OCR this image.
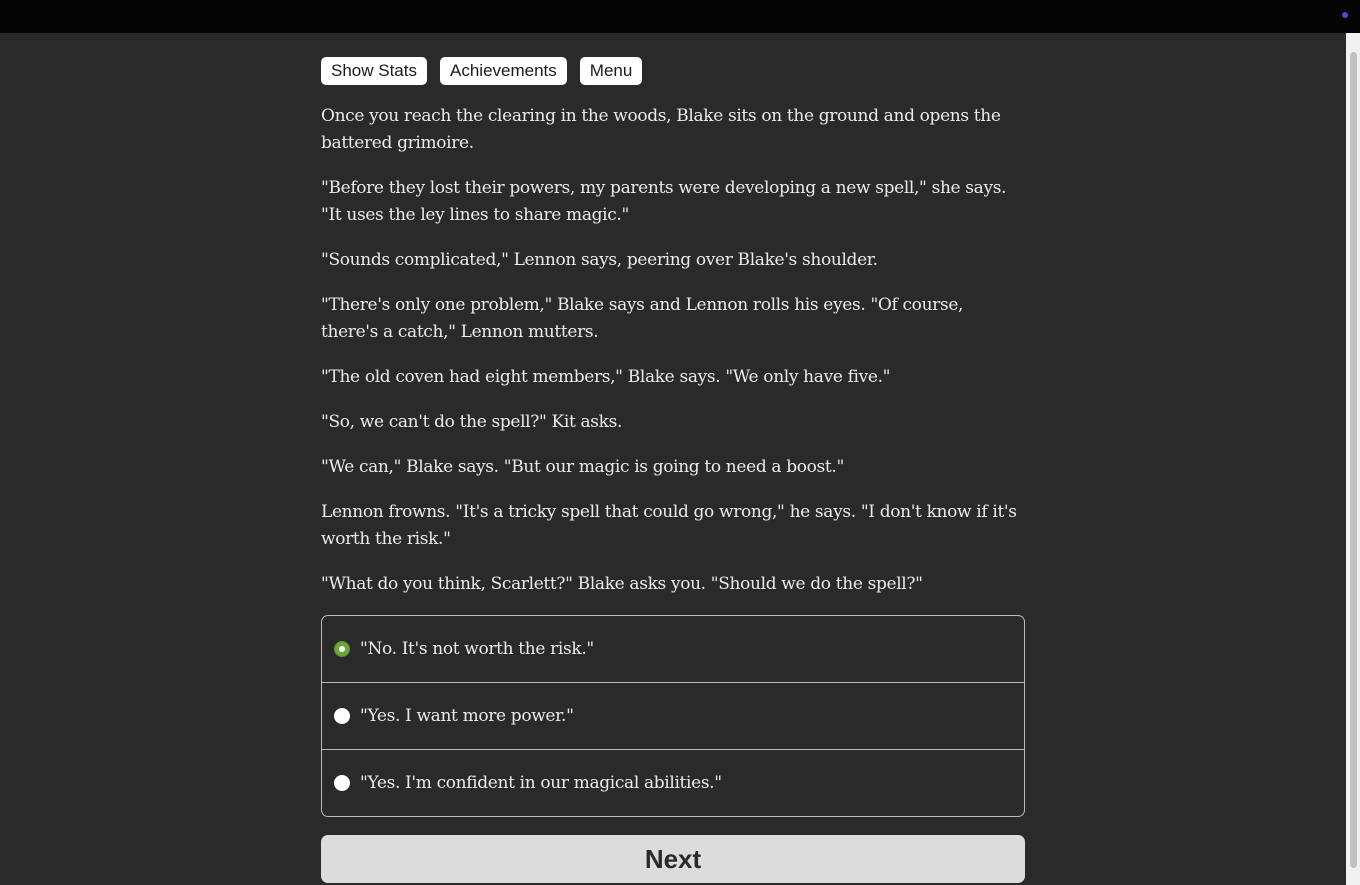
Show Stats	Achievements	Menu

Once you reach the clearing in the woods, Blake sits on the ground and opens the battered grimoire.

"Before they lost their powers, my parents were developing a new spell," she says. "It uses the ley lines to share magic."

"Sounds complicated," Lennon says, peering over Blake's shoulder.

"There's only one problem," Blake says and Lennon rolls his eyes. "Of course, there's a catch," Lennon mutters.

"The old coven had eight members," Blake says. "We only have five."

"So, we can't do the spell?" Kit asks.

"We can," Blake says. "But our magic is going to need a boost."

Lennon frowns. "It's a tricky spell that could go wrong," he says. "I don't know if it's worth the risk."

"What do you think, Scarlett?" Blake asks you. "Should we do the spell?"

"No. It's not worth the risk."
"Yes. I want more power."
"Yes. I'm confident in our magical abilities."
Next
